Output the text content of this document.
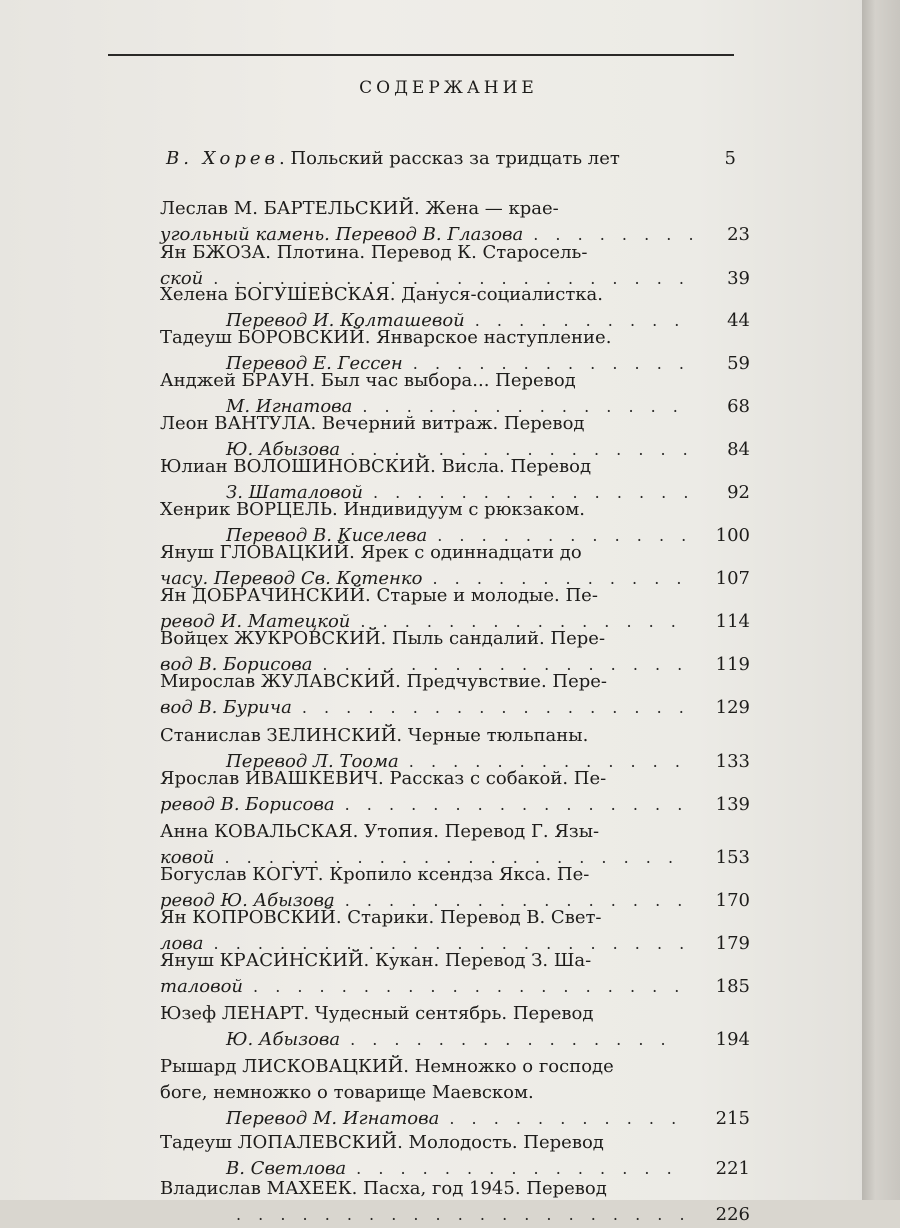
СОДЕРЖАНИЕ
В. Хорев. Польский рассказ за тридцать лет	5
Леслав М. БАРТЕЛЬСКИЙ. Жена — крае-
угольный камень. Перевод В. Глазова . . . . . . . .	23
Ян БЖОЗА. Плотина. Перевод К. Старосель-
ской . . . . . . . . . . . . . . . . . . . . . .	39
Хелена БОГУШЕВСКАЯ. Дануся-социалистка.
Перевод И. Колташевой . . . . . . . . . .	44
Тадеуш БОРОВСКИЙ. Январское наступление.
Перевод Е. Гессен . . . . . . . . . . . . .	59
Анджей БРАУН. Был час выбора... Перевод
М. Игнатова . . . . . . . . . . . . . . .	68
Леон ВАНТУЛА. Вечерний витраж. Перевод
Ю. Абызова . . . . . . . . . . . . . . . .	84
Юлиан ВОЛОШИНОВСКИЙ. Висла. Перевод
З. Шаталовой . . . . . . . . . . . . . . .	92
Хенрик ВОРЦЕЛЬ. Индивидуум с рюкзаком.
Перевод В. Киселева . . . . . . . . . . . .	100
Януш ГЛОВАЦКИЙ. Ярек с одиннадцати до
часу. Перевод Св. Котенко . . . . . . . . . . . .	107
Ян ДОБРАЧИНСКИЙ. Старые и молодые. Пе-
ревод И. Матецкой . . . . . . . . . . . . . . .	114
Войцех ЖУКРОВСКИЙ. Пыль сандалий. Пере-
вод В. Борисова . . . . . . . . . . . . . . . . .	119
Мирослав ЖУЛАВСКИЙ. Предчувствие. Пере-
вод В. Бурича . . . . . . . . . . . . . . . . . .	129
Станислав ЗЕЛИНСКИЙ. Черные тюльпаны.
Перевод Л. Тоома . . . . . . . . . . . . .	133
Ярослав ИВАШКЕВИЧ. Рассказ с собакой. Пе-
ревод В. Борисова . . . . . . . . . . . . . . . .	139
Анна КОВАЛЬСКАЯ. Утопия. Перевод Г. Язы-
ковой . . . . . . . . . . . . . . . . . . . . .	153
Богуслав КОГУТ. Кропило ксендза Якса. Пе-
ревод Ю. Абызова . . . . . . . . . . . . . . . .	170
Ян КОПРОВСКИЙ. Старики. Перевод В. Свет-
лова . . . . . . . . . . . . . . . . . . . . . .	179
Януш КРАСИНСКИЙ. Кукан. Перевод З. Ша-
таловой . . . . . . . . . . . . . . . . . . . .	185
Юзеф ЛЕНАРТ. Чудесный сентябрь. Перевод
Ю. Абызова . . . . . . . . . . . . . . .	194
Рышард ЛИСКОВАЦКИЙ. Немножко о господе
боге, немножко о товарище Маевском.
Перевод М. Игнатова . . . . . . . . . . .	215
Тадеуш ЛОПАЛЕВСКИЙ. Молодость. Перевод
В. Светлова . . . . . . . . . . . . . . .	221
Владислав МАХЕЕК. Пасха, год 1945. Перевод
. . . . . . . . . . . . . . . . . . . . .	226
